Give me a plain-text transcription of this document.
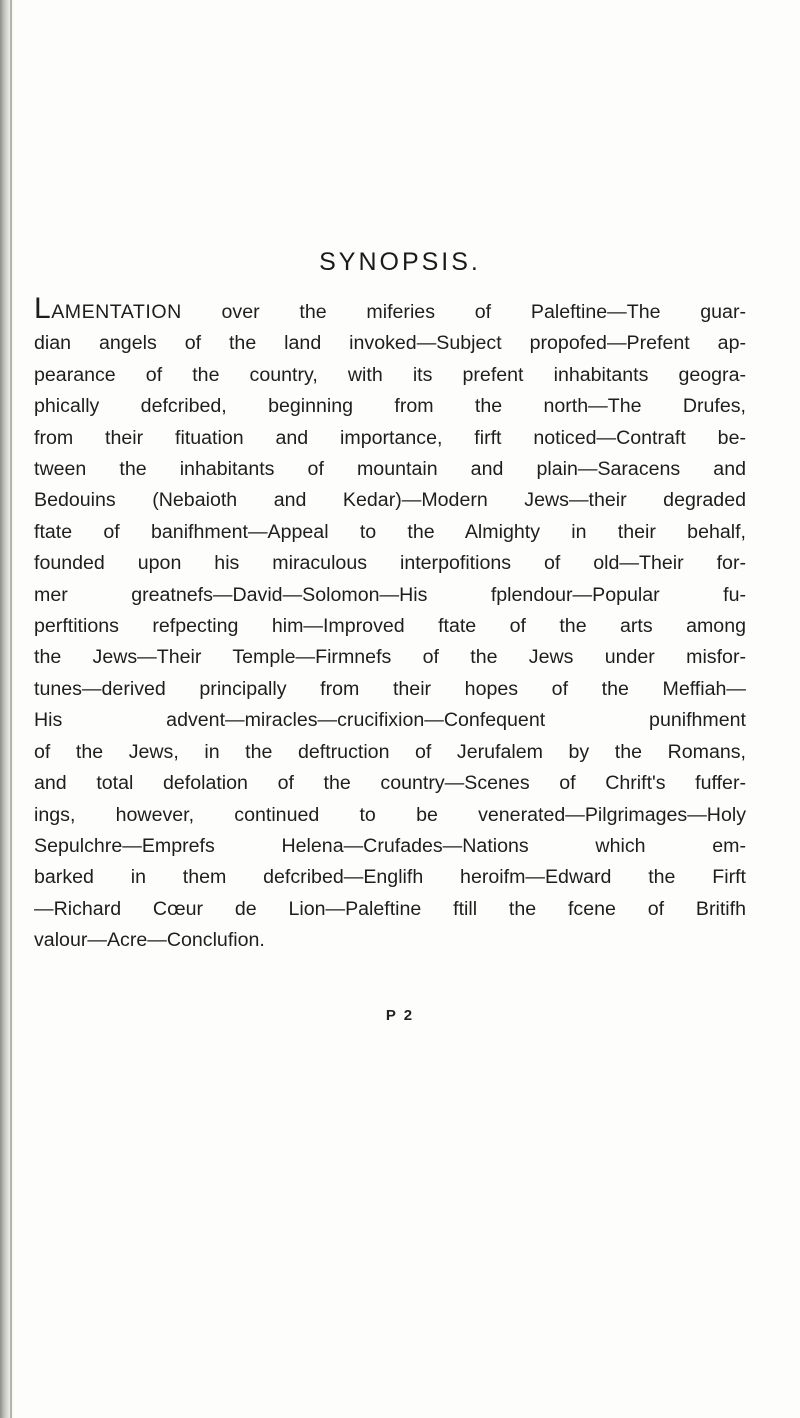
SYNOPSIS.
LAMENTATION over the miferies of Paleftine—The guar-
dian angels of the land invoked—Subject propofed—Prefent ap-
pearance of the country, with its prefent inhabitants geogra-
phically defcribed, beginning from the north—The Drufes,
from their fituation and importance, firft noticed—Contraft be-
tween the inhabitants of mountain and plain—Saracens and
Bedouins (Nebaioth and Kedar)—Modern Jews—their degraded
ftate of banifhment—Appeal to the Almighty in their behalf,
founded upon his miraculous interpofitions of old—Their for-
mer greatnefs—David—Solomon—His fplendour—Popular fu-
perftitions refpecting him—Improved ftate of the arts among
the Jews—Their Temple—Firmnefs of the Jews under misfor-
tunes—derived principally from their hopes of the Meffiah—
His advent—miracles—crucifixion—Confequent punifhment
of the Jews, in the deftruction of Jerufalem by the Romans,
and total defolation of the country—Scenes of Chrift's fuffer-
ings, however, continued to be venerated—Pilgrimages—Holy
Sepulchre—Emprefs Helena—Crufades—Nations which em-
barked in them defcribed—Englifh heroifm—Edward the Firft
—Richard Cœur de Lion—Paleftine ftill the fcene of Britifh
valour—Acre—Conclufion.
P 2
